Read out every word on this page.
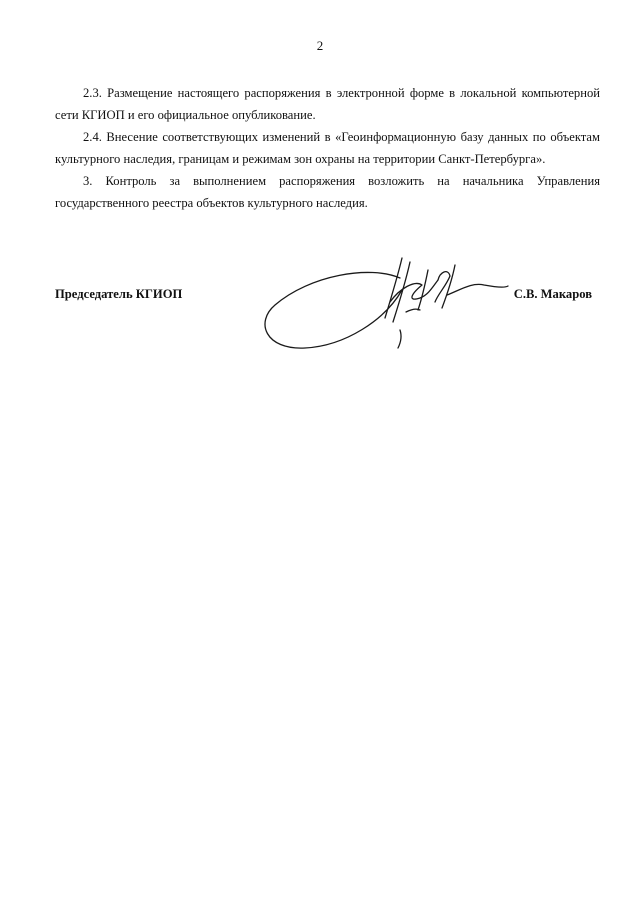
2

2.3. Размещение настоящего распоряжения в электронной форме в локальной компьютерной сети КГИОП и его официальное опубликование.

2.4. Внесение соответствующих изменений в «Геоинформационную базу данных по объектам культурного наследия, границам и режимам зон охраны на территории Санкт-Петербурга».

3. Контроль за выполнением распоряжения возложить на начальника Управления государственного реестра объектов культурного наследия.

Председатель КГИОП	С.В. Макаров
